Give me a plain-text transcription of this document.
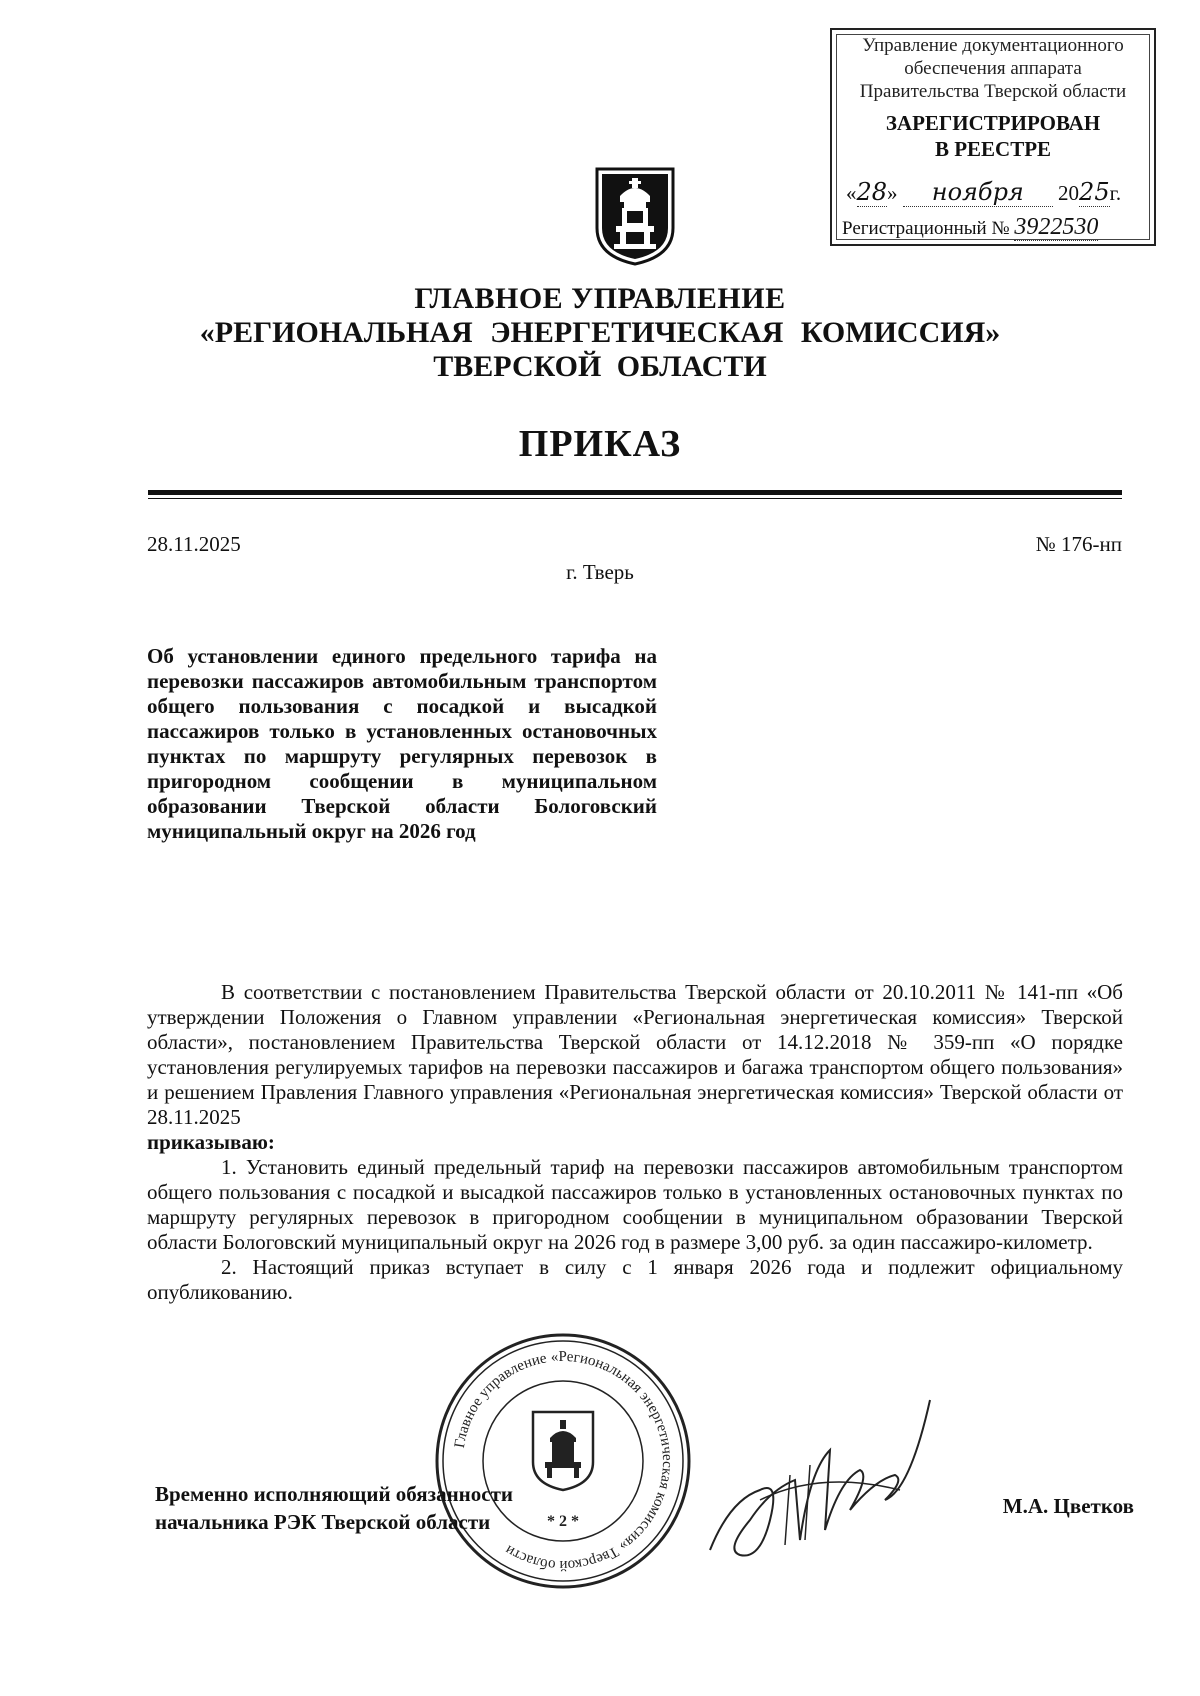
Управление документационного
обеспечения аппарата
Правительства Тверской области
ЗАРЕГИСТРИРОВАН
В РЕЕСТРЕ
«28» ноября 2025г.
Регистрационный № 3922530
ГЛАВНОЕ УПРАВЛЕНИЕ
«РЕГИОНАЛЬНАЯ ЭНЕРГЕТИЧЕСКАЯ КОМИССИЯ»
ТВЕРСКОЙ ОБЛАСТИ
ПРИКАЗ
28.11.2025	№ 176-нп
г. Тверь
Об установлении единого предельного тарифа на перевозки пассажиров автомобильным транспортом общего пользования с посадкой и высадкой пассажиров только в установленных остановочных пунктах по маршруту регулярных перевозок в пригородном сообщении в муниципальном образовании Тверской области Бологовский муниципальный округ на 2026 год

В соответствии с постановлением Правительства Тверской области от 20.10.2011 № 141-пп «Об утверждении Положения о Главном управлении «Региональная энергетическая комиссия» Тверской области», постановлением Правительства Тверской области от 14.12.2018 № 359-пп «О порядке установления регулируемых тарифов на перевозки пассажиров и багажа транспортом общего пользования» и решением Правления Главного управления «Региональная энергетическая комиссия» Тверской области от 28.11.2025

приказываю:

1. Установить единый предельный тариф на перевозки пассажиров автомобильным транспортом общего пользования с посадкой и высадкой пассажиров только в установленных остановочных пунктах по маршруту регулярных перевозок в пригородном сообщении в муниципальном образовании Тверской области Бологовский муниципальный округ на 2026 год в размере 3,00 руб. за один пассажиро-километр.

2. Настоящий приказ вступает в силу с 1 января 2026 года и подлежит официальному опубликованию.

Главное управление «Региональная энергетическая комиссия» Тверской области
* 2 *
Временно исполняющий обязанности
начальника РЭК Тверской области
М.А. Цветков
